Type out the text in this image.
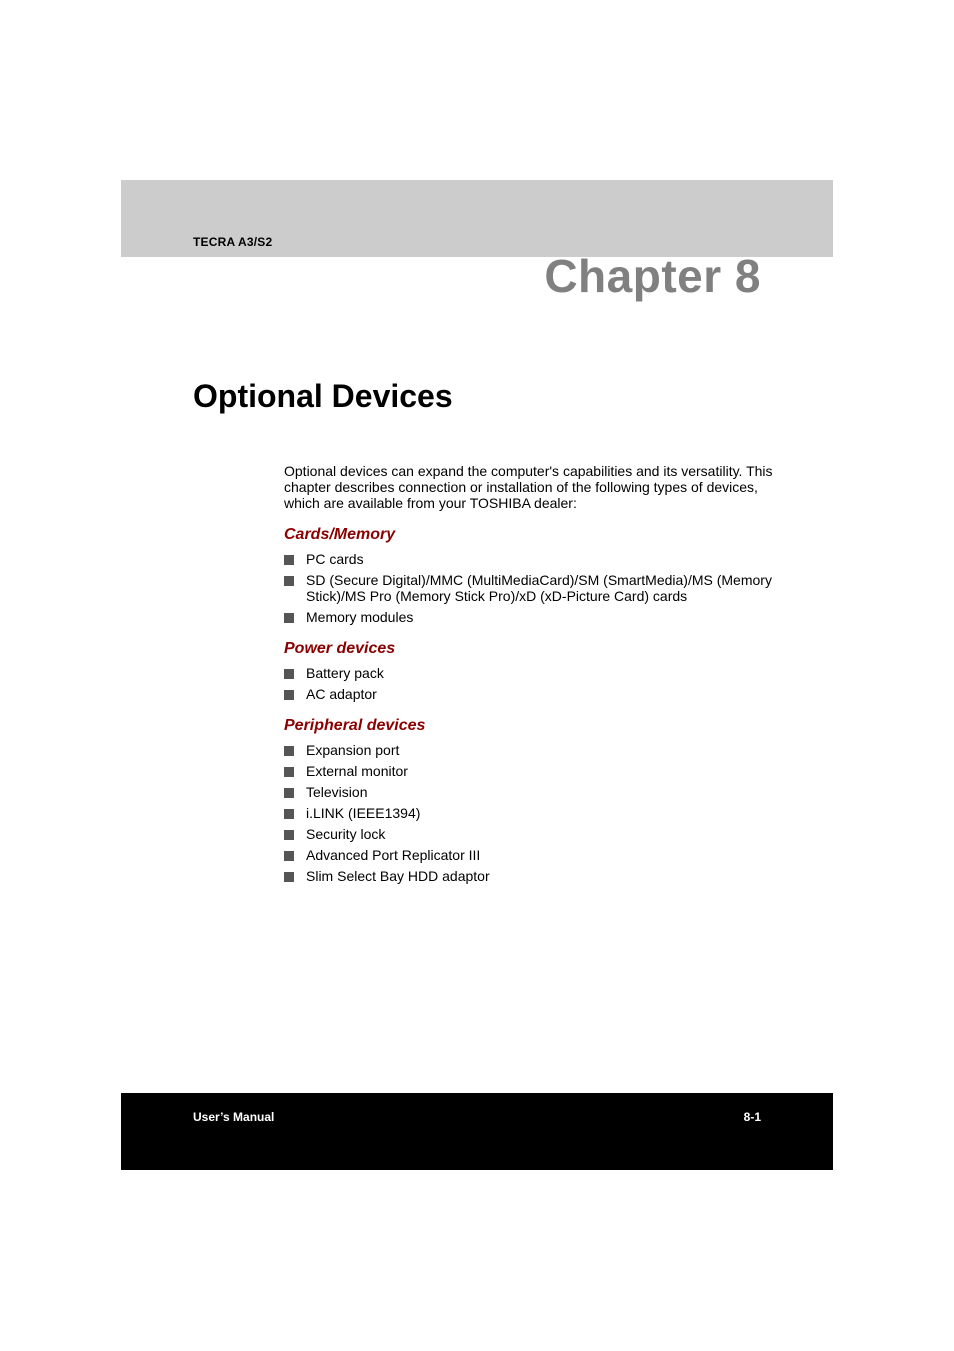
TECRA A3/S2
Chapter 8
Optional Devices

Optional devices can expand the computer's capabilities and its versatility. This chapter describes connection or installation of the following types of devices, which are available from your TOSHIBA dealer:

Cards/Memory
PC cards
SD (Secure Digital)/MMC (MultiMediaCard)/SM (SmartMedia)/MS (Memory Stick)/MS Pro (Memory Stick Pro)/xD (xD-Picture Card) cards
Memory modules
Power devices
Battery pack
AC adaptor
Peripheral devices
Expansion port
External monitor
Television
i.LINK (IEEE1394)
Security lock
Advanced Port Replicator III
Slim Select Bay HDD adaptor
User’s Manual	8-1
